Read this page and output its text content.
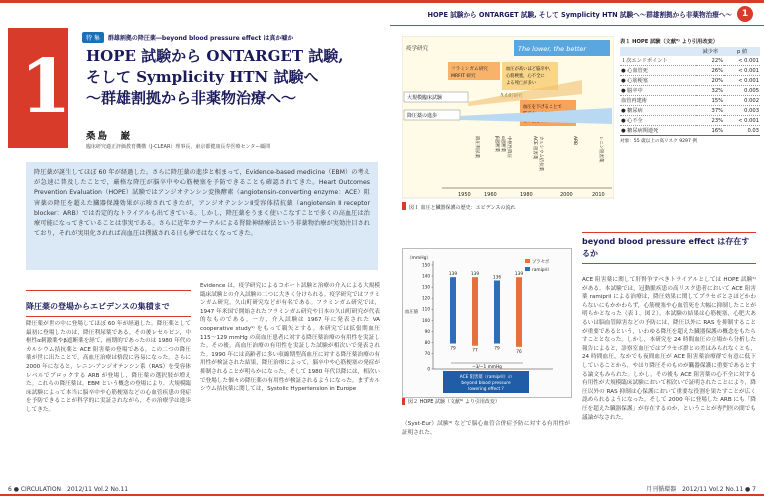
HOPE 試験から ONTARGET 試験, そして Symplicity HTN 試験へ〜群雄割拠から非薬物治療へ〜	1
1
特 集	群雄割拠の降圧薬―beyond blood pressure effect は真か嘘か
HOPE 試験から ONTARGET 試験,
そして Symplicity HTN 試験へ
〜群雄割拠から非薬物治療へ〜
桑島　巌
臨床研究適正評価教育機構（J-CLEAR）理事長，東京都健康長寿医療センター顧問
降圧薬が誕生してほぼ 60 年が経過した。さらに降圧薬の進歩と相まって，Evidence-based medicine（EBM）の考えが急速に普及したことで，厳格な降圧が脳卒中や心筋梗塞を予防できることも確認されてきた。Heart Outcomes Prevention Evaluation（HOPE）試験ではアンジオテンシン変換酵素（angiotensin-converting enzyme：ACE）阻害薬の降圧を超えた臓器保護効果が示唆されてきたが，アンジオテンシンⅡ受容体拮抗薬（angiotensin Ⅱ receptor blocker：ARB）では否定的なトライアルも出てきている。しかし，降圧薬をうまく使いこなすことで多くの高血圧は治療可能になってきていることは事実である。さらに近年カテーテルによる腎除神経療法という非薬物治療が実効注目されており，それが実用化されれば高血圧は撲滅される日も夢ではなくなってきた。
降圧薬の登場からエビデンスの集積まで
降圧薬が世の中に登場してほぼ 60 年が経過した。降圧薬として最初に登場したのは，降圧利尿薬である。その後レセルピン，中枢性α刺激薬やβ遮断薬を経て，画期的であったのは 1980 年代のカルシウム拮抗薬と ACE 阻害薬の登場である。この二つの降圧薬が世に出たことで，高血圧治療は格段に容易になった。さらに 2000 年になると，レニン‐アンジオテンシン系（RAS）を受容体レベルでブロックする ARB が登場し，降圧薬の選択肢が増えた。これらの降圧薬は，EBM という概念の登場により，大規模臨床試験によって本当に脳卒中や心筋梗塞などの心血管疾患の発症を予防できることが科学的に実証されながら，その治療学は進歩してきた。
Evidence は，疫学研究によるコホート試験と治療の介入による大規模臨床試験との介入試験の二つに大きく分けられる。疫学研究ではフラミンガム研究，久山町研究などが有名である。フラミンガム研究では，1947 年米国で開始されたフラミンガム研究や日本の久山町研究が代表的なものである。一方，介入試験は 1967 年に発表された VA cooperative study¹⁾ をもって嚆矢とする。本研究では拡張期血圧 115〜129 mmHg の高血圧患者に対する降圧薬治療の有用性を実証した。その後，高血圧治療の有用性を実証した試験が相次いで発表された。1990 年には高齢者に多い収縮期型高血圧に対する降圧薬治療の有用性が検証された結果，降圧治療によって，脳卒中や心筋梗塞の発症が抑制されることが明らかになった。そして 1980 年代以降には，相次いで登場した個々の降圧薬の有用性が検証されるようになった。まずカルシウム拮抗薬に関しては，Systolic Hypertension in Europe
6 ● CIRCULATION　2012/11 Vol.2 No.11
疫学研究	The lower, the better
フラミンガム研究
MRFIT 研究
血圧が高いほど脳卒中,
心筋梗塞，心不全に
よる死亡が多い
大規模臨床試験
血圧を下げることで
降圧薬の進歩
降圧利尿薬	β遮断薬 α遮断薬 中枢性降圧	ACE 阻害薬 カルシウム拮抗薬	ARB	レニン阻害薬
1950	1960	1980	2000	2010
図１ 血圧と臓器保護の歴史：エビデンスの流れ
表１ HOPE 試験（文献⁶⁾ より引用改変）
	減少率	p 値
１次エンドポイント	22%	< 0.001
● 心血管死	26%	< 0.001
● 心筋梗塞	20%	< 0.001
● 脳卒中	32%	0.005
血管再建術	15%	0.002
● 糖尿病	37%	0.003
● 心不全	23%	< 0.001
● 糖尿病関連死	16%	0.03
対象：55 歳以上の高リスク 9297 例
（mmHg）
150
140
130
120
110
100
90
80
70
0
血圧値
プラセボ
ramipril
139
79
139
77
136
79
139
76
−3/−1 mmHg
ACE 阻害薬（ramipril）の
beyond blood pressure
lowering effect ?
図２ HOPE 試験（文献⁶⁾ より引用改変）
（Syst-Eur）試験⁴⁾ などで脳心血管合併症予防に対する有用性が証明された。
beyond blood pressure effect は存在するか
ACE 阻害薬に関して肝腎争すべきトライアルとしては HOPE 試験⁵⁾ がある。本試験では，冠動脈疾患の高リスク患者において ACE 阻害薬 ramipril による治療は，降圧効果に関してプラセボとさほどかわらないにもかかわらず，心筋梗塞や心血管死を大幅に抑制したことが明らかとなった（表１，図２）。本試験の結果は心筋梗塞，心肥大あるいは脳血管障害などの予防には，降圧以外に RAS を抑制することが重要であるという，いわゆる降圧を超えた臓器保護の概念をもたらすこととなった。しかし，本研究を 24 時間血圧の立場から分析した報告によると，診察室血圧ではプラセボ群との差はみられなくとも，24 時間血圧，なかでも夜間血圧が ACE 阻害薬治療群で有意に低下していることから，やはり降圧そのものが臓器保護に重要であるとする論文もみられた。しかし，その後も ACE 阻害薬の心不全に対する有用性が大規模臨床試験において相次いで証明されたことにより，降圧以外の RAS 抑制は心保護において重要な役割を果たすことが広く認められるようになった。そして 2000 年に登場した ARB にも「降圧を超えた臓器保護」が存在するのか，ということが専門医の間でも議論がなされた。
月刊循環器　2012/11 Vol.2 No.11 ● 7
